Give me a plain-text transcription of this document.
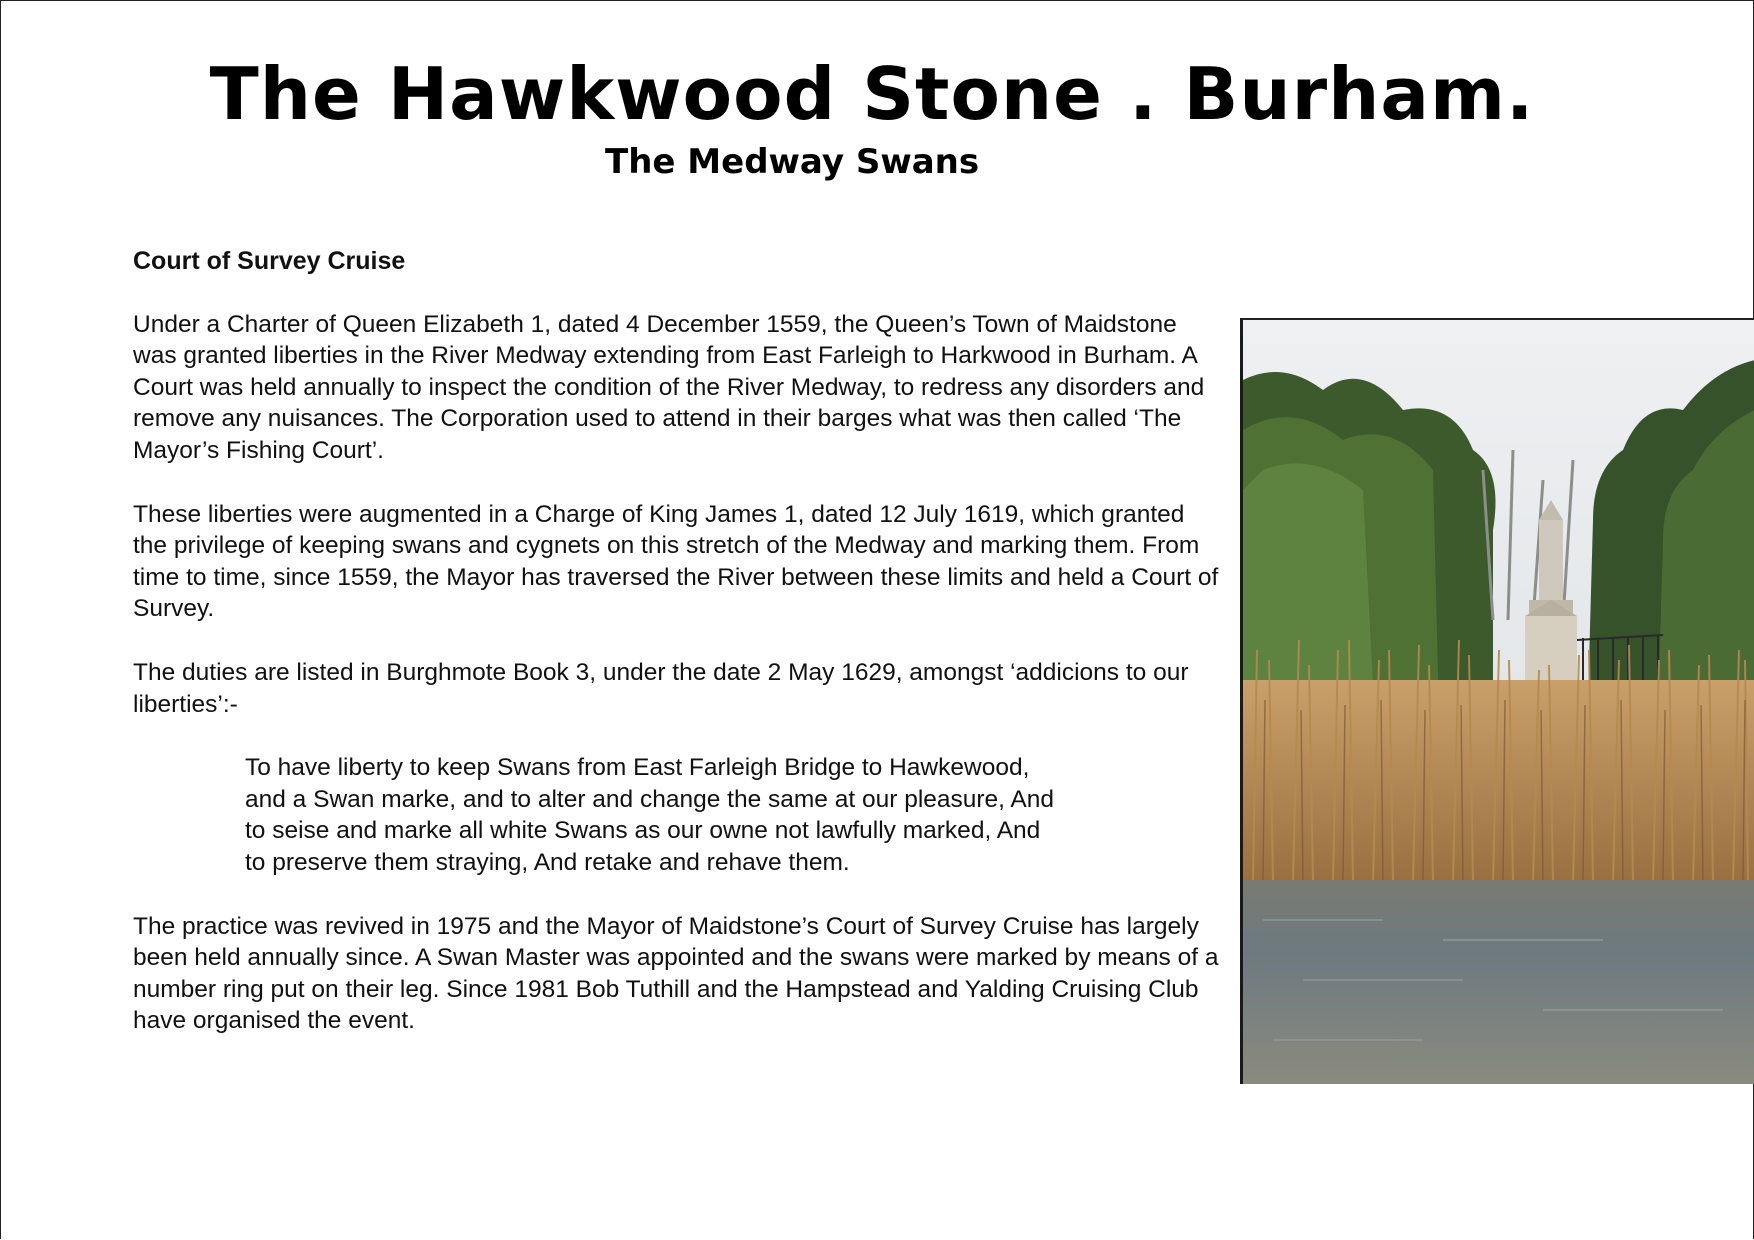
The Hawkwood Stone . Burham.
The Medway Swans

Court of Survey Cruise

Under a Charter of Queen Elizabeth 1, dated 4 December 1559, the Queen’s Town of Maidstone was granted liberties in the River Medway extending from East Farleigh to Harkwood in Burham. A Court was held annually to inspect the condition of the River Medway, to redress any disorders and remove any nuisances. The Corporation used to attend in their barges what was then called ‘The Mayor’s Fishing Court’.

These liberties were augmented in a Charge of King James 1, dated 12 July 1619, which granted the privilege of keeping swans and cygnets on this stretch of the Medway and marking them. From time to time, since 1559, the Mayor has traversed the River between these limits and held a Court of Survey.

The duties are listed in Burghmote Book 3, under the date 2 May 1629, amongst ‘addicions to our liberties’:-

To have liberty to keep Swans from East Farleigh Bridge to Hawkewood,
and a Swan marke, and to alter and change the same at our pleasure, And
to seise and marke all white Swans as our owne not lawfully marked, And
to preserve them straying, And retake and rehave them.

The practice was revived in 1975 and the Mayor of Maidstone’s Court of Survey Cruise has largely been held annually since. A Swan Master was appointed and the swans were marked by means of a number ring put on their leg. Since 1981 Bob Tuthill and the Hampstead and Yalding Cruising Club have organised the event.
